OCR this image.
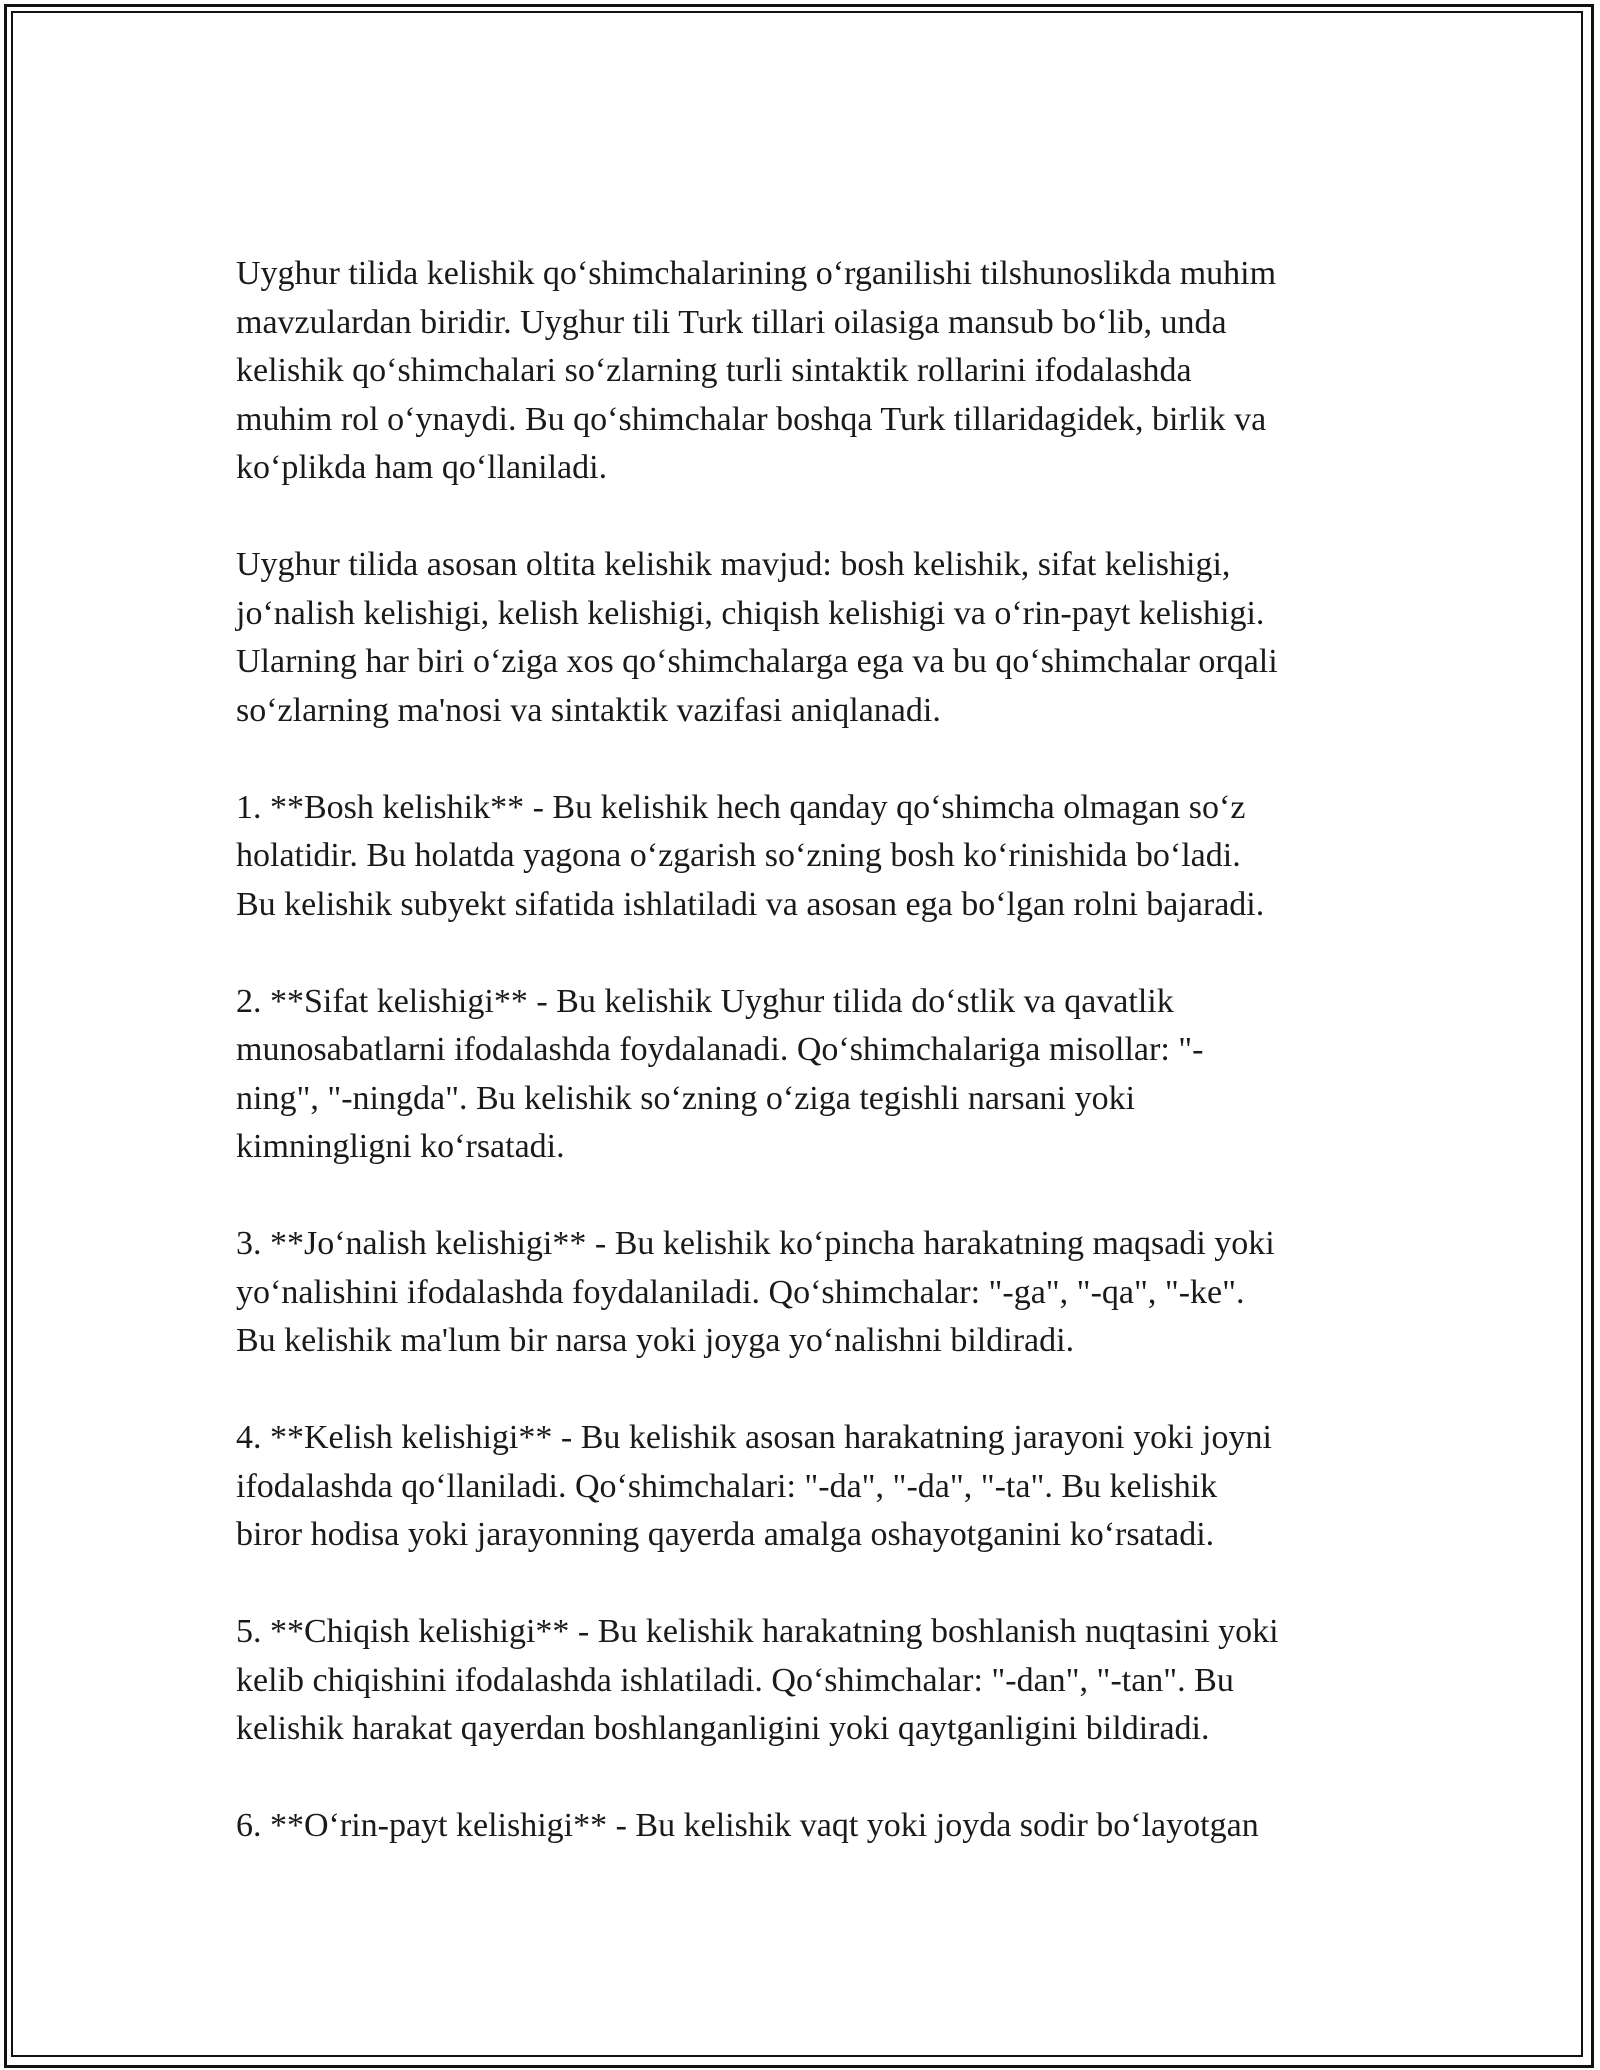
Uyghur tilida kelishik qo‘shimchalarining o‘rganilishi tilshunoslikda muhim
mavzulardan biridir. Uyghur tili Turk tillari oilasiga mansub bo‘lib, unda
kelishik qo‘shimchalari so‘zlarning turli sintaktik rollarini ifodalashda
muhim rol o‘ynaydi. Bu qo‘shimchalar boshqa Turk tillaridagidek, birlik va
ko‘plikda ham qo‘llaniladi.

Uyghur tilida asosan oltita kelishik mavjud: bosh kelishik, sifat kelishigi,
jo‘nalish kelishigi, kelish kelishigi, chiqish kelishigi va o‘rin-payt kelishigi.
Ularning har biri o‘ziga xos qo‘shimchalarga ega va bu qo‘shimchalar orqali
so‘zlarning ma'nosi va sintaktik vazifasi aniqlanadi.

1. **Bosh kelishik** - Bu kelishik hech qanday qo‘shimcha olmagan so‘z
holatidir. Bu holatda yagona o‘zgarish so‘zning bosh ko‘rinishida bo‘ladi.
Bu kelishik subyekt sifatida ishlatiladi va asosan ega bo‘lgan rolni bajaradi.

2. **Sifat kelishigi** - Bu kelishik Uyghur tilida do‘stlik va qavatlik
munosabatlarni ifodalashda foydalanadi. Qo‘shimchalariga misollar: "-
ning", "-ningda". Bu kelishik so‘zning o‘ziga tegishli narsani yoki
kimningligni ko‘rsatadi.

3. **Jo‘nalish kelishigi** - Bu kelishik ko‘pincha harakatning maqsadi yoki
yo‘nalishini ifodalashda foydalaniladi. Qo‘shimchalar: "-ga", "-qa", "-ke".
Bu kelishik ma'lum bir narsa yoki joyga yo‘nalishni bildiradi.

4. **Kelish kelishigi** - Bu kelishik asosan harakatning jarayoni yoki joyni
ifodalashda qo‘llaniladi. Qo‘shimchalari: "-da", "-da", "-ta". Bu kelishik
biror hodisa yoki jarayonning qayerda amalga oshayotganini ko‘rsatadi.

5. **Chiqish kelishigi** - Bu kelishik harakatning boshlanish nuqtasini yoki
kelib chiqishini ifodalashda ishlatiladi. Qo‘shimchalar: "-dan", "-tan". Bu
kelishik harakat qayerdan boshlanganligini yoki qaytganligini bildiradi.

6. **O‘rin-payt kelishigi** - Bu kelishik vaqt yoki joyda sodir bo‘layotgan
